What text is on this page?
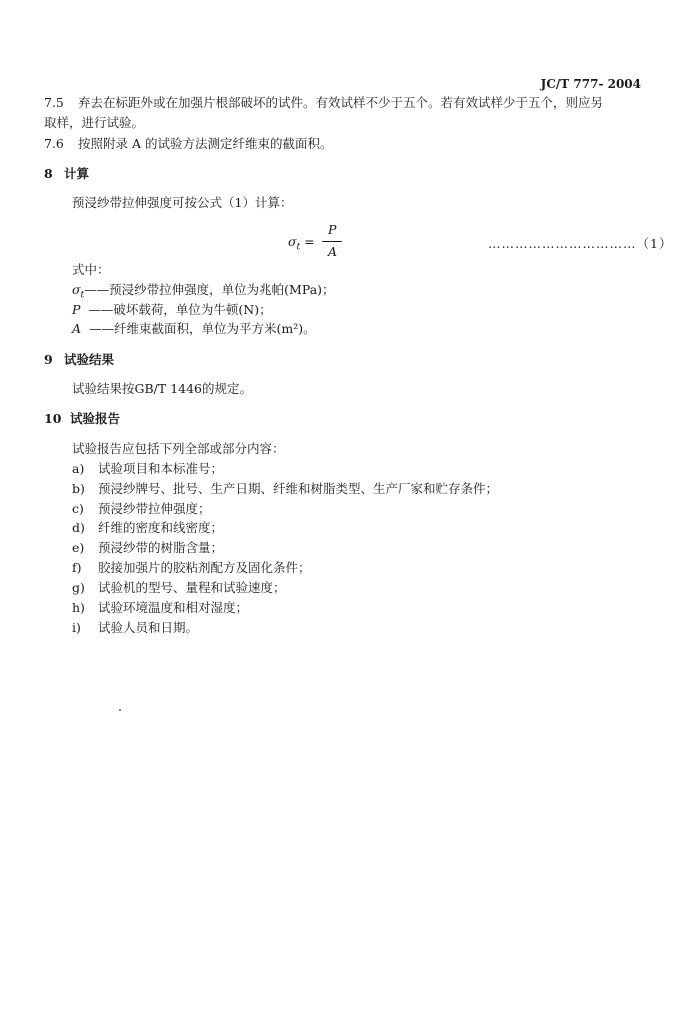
JC/T 777- 2004
7.5 弃去在标距外或在加强片根部破坏的试件。有效试样不少于五个。若有效试样少于五个，则应另
取样，进行试验。
7.6 按照附录 A 的试验方法测定纤维束的截面积。
8 计算
预浸纱带拉伸强度可按公式（1）计算：
$\sigma_t$ =
P
A
……………………………（1）
式中：
$\sigma_t——$预浸纱带拉伸强度，单位为兆帕(MPa)；
P ——破坏载荷，单位为牛顿(N)；
A ——纤维束截面积，单位为平方米(m²)。
9 试验结果
试验结果按GB/T 1446的规定。
10 试验报告
试验报告应包括下列全部或部分内容：
a) 试验项目和本标准号；
b) 预浸纱牌号、批号、生产日期、纤维和树脂类型、生产厂家和贮存条件；
c) 预浸纱带拉伸强度；
d) 纤维的密度和线密度；
e) 预浸纱带的树脂含量；
f) 胶接加强片的胶粘剂配方及固化条件；
g) 试验机的型号、量程和试验速度；
h) 试验环境温度和相对湿度；
i) 试验人员和日期。
